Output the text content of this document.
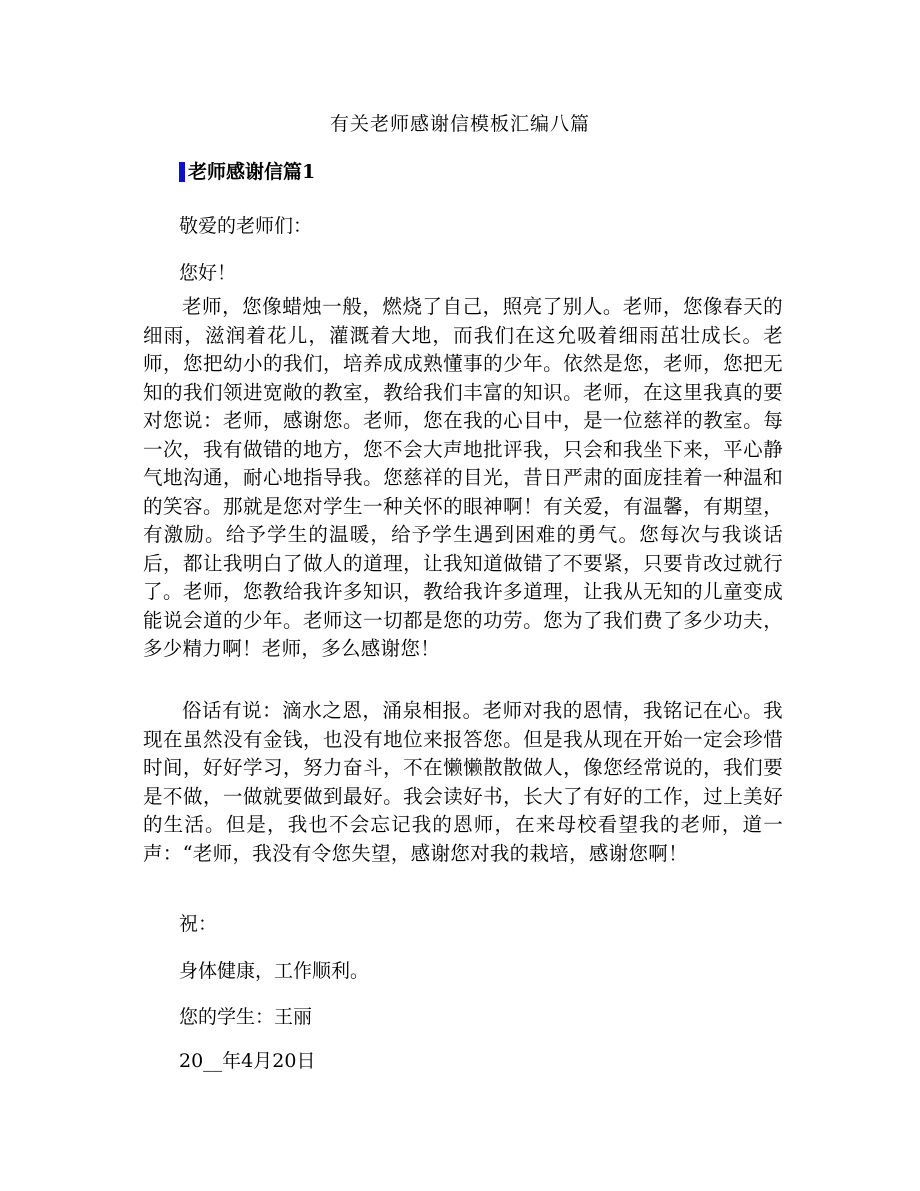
有关老师感谢信模板汇编八篇
老师感谢信篇1
敬爱的老师们：
您好！

老师，您像蜡烛一般，燃烧了自己，照亮了别人。老师，您像春天的细雨，滋润着花儿，灌溉着大地，而我们在这允吸着细雨茁壮成长。老师，您把幼小的我们，培养成成熟懂事的少年。依然是您，老师，您把无知的我们领进宽敞的教室，教给我们丰富的知识。老师，在这里我真的要对您说：老师，感谢您。老师，您在我的心目中，是一位慈祥的教室。每一次，我有做错的地方，您不会大声地批评我，只会和我坐下来，平心静气地沟通，耐心地指导我。您慈祥的目光，昔日严肃的面庞挂着一种温和的笑容。那就是您对学生一种关怀的眼神啊！有关爱，有温馨，有期望，有激励。给予学生的温暖，给予学生遇到困难的勇气。您每次与我谈话后，都让我明白了做人的道理，让我知道做错了不要紧，只要肯改过就行了。老师，您教给我许多知识，教给我许多道理，让我从无知的儿童变成能说会道的少年。老师这一切都是您的功劳。您为了我们费了多少功夫，多少精力啊！老师，多么感谢您！

俗话有说：滴水之恩，涌泉相报。老师对我的恩情，我铭记在心。我现在虽然没有金钱，也没有地位来报答您。但是我从现在开始一定会珍惜时间，好好学习，努力奋斗，不在懒懒散散做人，像您经常说的，我们要是不做，一做就要做到最好。我会读好书，长大了有好的工作，过上美好的生活。但是，我也不会忘记我的恩师，在来母校看望我的老师，道一声：“老师，我没有令您失望，感谢您对我的栽培，感谢您啊！

祝：
身体健康，工作顺利。
您的学生：王丽
20__年4月20日
